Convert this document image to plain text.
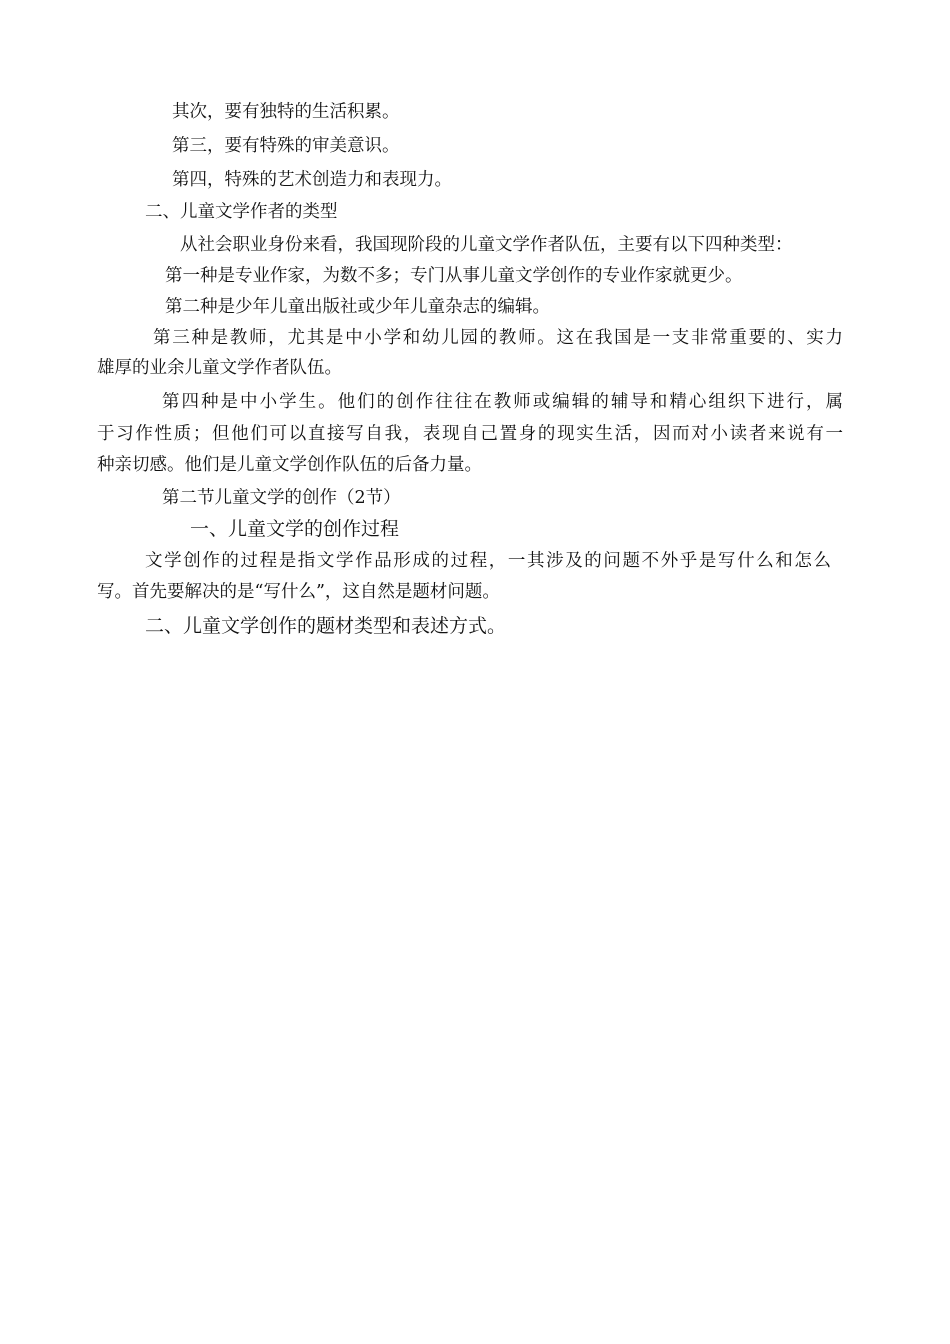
其次，要有独特的生活积累。
第三，要有特殊的审美意识。
第四，特殊的艺术创造力和表现力。
二、儿童文学作者的类型
从社会职业身份来看，我国现阶段的儿童文学作者队伍，主要有以下四种类型：
第一种是专业作家，为数不多；专门从事儿童文学创作的专业作家就更少。
第二种是少年儿童出版社或少年儿童杂志的编辑。
第三种是教师，尤其是中小学和幼儿园的教师。这在我国是一支非常重要的、实力
雄厚的业余儿童文学作者队伍。
第四种是中小学生。他们的创作往往在教师或编辑的辅导和精心组织下进行，属
于习作性质；但他们可以直接写自我，表现自己置身的现实生活，因而对小读者来说有一
种亲切感。他们是儿童文学创作队伍的后备力量。
第二节儿童文学的创作（2节）
一、儿童文学的创作过程
文学创作的过程是指文学作品形成的过程，一其涉及的问题不外乎是写什么和怎么
写。首先要解决的是“写什么”，这自然是题材问题。
二、儿童文学创作的题材类型和表述方式。
